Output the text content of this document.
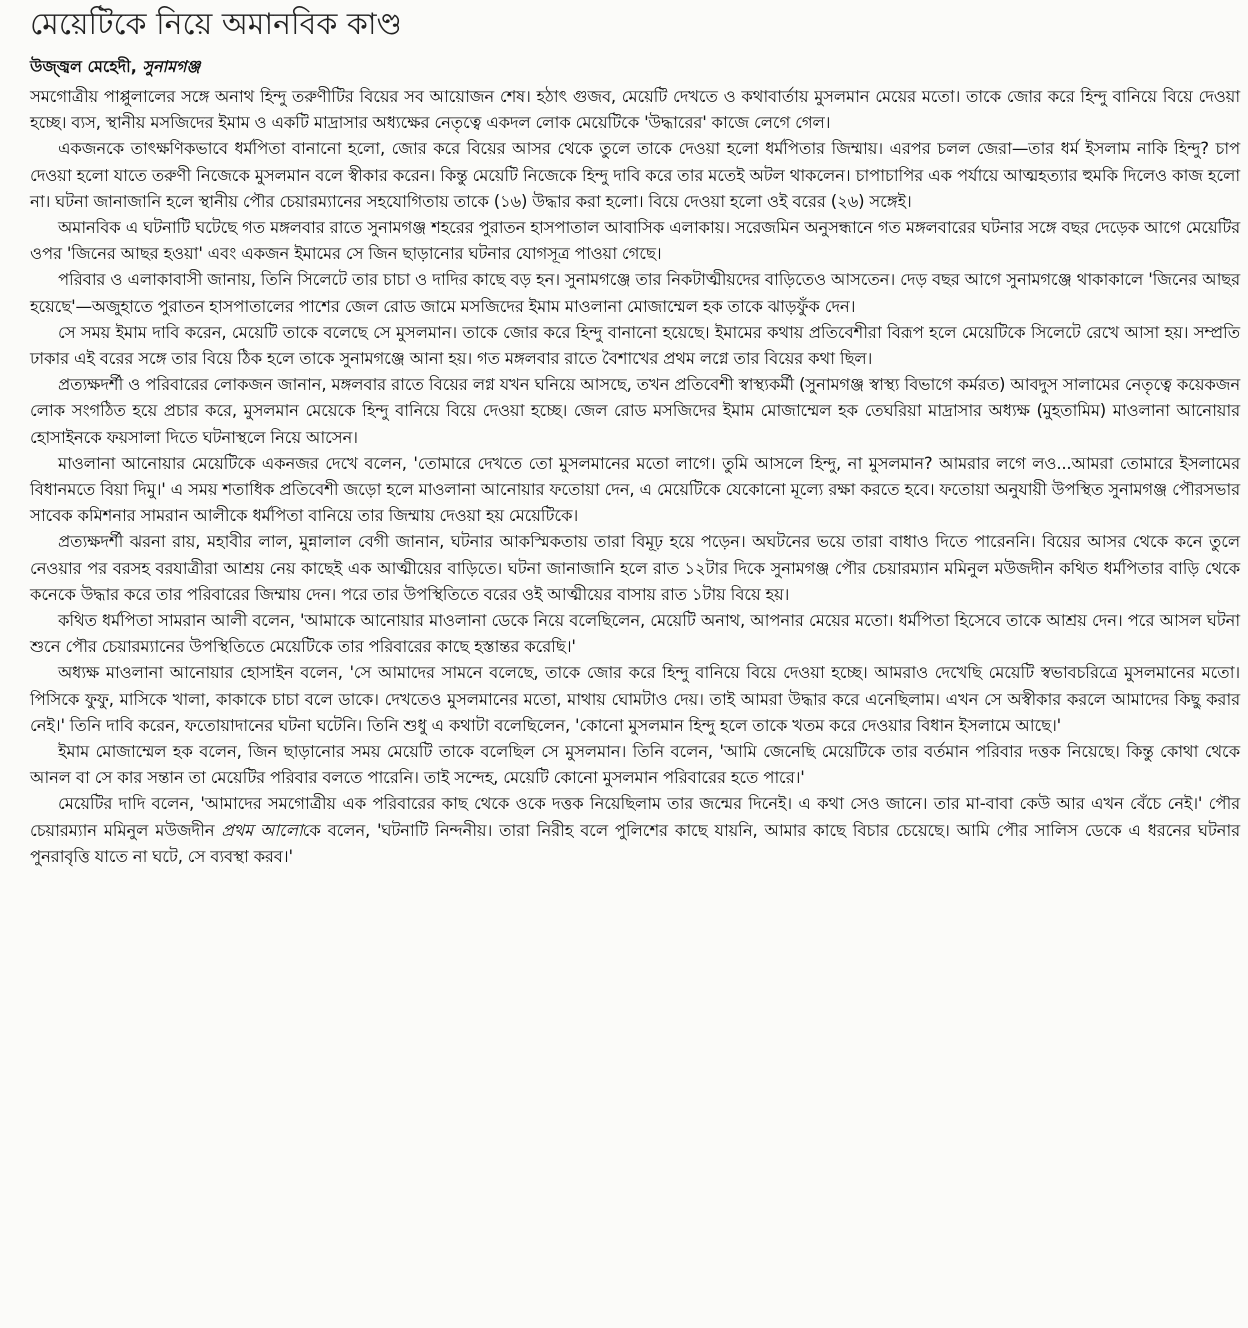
মেয়েটিকে নিয়ে অমানবিক কাণ্ড
উজ্জ্বল মেহেদী, সুনামগঞ্জ

সমগোত্রীয় পাপ্পুলালের সঙ্গে অনাথ হিন্দু তরুণীটির বিয়ের সব আয়োজন শেষ। হঠাৎ গুজব, মেয়েটি দেখতে ও কথাবার্তায় মুসলমান মেয়ের মতো। তাকে জোর করে হিন্দু বানিয়ে বিয়ে দেওয়া হচ্ছে। ব্যস, স্থানীয় মসজিদের ইমাম ও একটি মাদ্রাসার অধ্যক্ষের নেতৃত্বে একদল লোক মেয়েটিকে 'উদ্ধারের' কাজে লেগে গেল।

একজনকে তাৎক্ষণিকভাবে ধর্মপিতা বানানো হলো, জোর করে বিয়ের আসর থেকে তুলে তাকে দেওয়া হলো ধর্মপিতার জিম্মায়। এরপর চলল জেরা—তার ধর্ম ইসলাম নাকি হিন্দু? চাপ দেওয়া হলো যাতে তরুণী নিজেকে মুসলমান বলে স্বীকার করেন। কিন্তু মেয়েটি নিজেকে হিন্দু দাবি করে তার মতেই অটল থাকলেন। চাপাচাপির এক পর্যায়ে আত্মহত্যার হুমকি দিলেও কাজ হলো না। ঘটনা জানাজানি হলে স্থানীয় পৌর চেয়ারম্যানের সহযোগিতায় তাকে (১৬) উদ্ধার করা হলো। বিয়ে দেওয়া হলো ওই বরের (২৬) সঙ্গেই।

অমানবিক এ ঘটনাটি ঘটেছে গত মঙ্গলবার রাতে সুনামগঞ্জ শহরের পুরাতন হাসপাতাল আবাসিক এলাকায়। সরেজমিন অনুসন্ধানে গত মঙ্গলবারের ঘটনার সঙ্গে বছর দেড়েক আগে মেয়েটির ওপর 'জিনের আছর হওয়া' এবং একজন ইমামের সে জিন ছাড়ানোর ঘটনার যোগসূত্র পাওয়া গেছে।

পরিবার ও এলাকাবাসী জানায়, তিনি সিলেটে তার চাচা ও দাদির কাছে বড় হন। সুনামগঞ্জে তার নিকটাত্মীয়দের বাড়িতেও আসতেন। দেড় বছর আগে সুনামগঞ্জে থাকাকালে 'জিনের আছর হয়েছে'—অজুহাতে পুরাতন হাসপাতালের পাশের জেল রোড জামে মসজিদের ইমাম মাওলানা মোজাম্মেল হক তাকে ঝাড়ফুঁক দেন।

সে সময় ইমাম দাবি করেন, মেয়েটি তাকে বলেছে সে মুসলমান। তাকে জোর করে হিন্দু বানানো হয়েছে। ইমামের কথায় প্রতিবেশীরা বিরূপ হলে মেয়েটিকে সিলেটে রেখে আসা হয়। সম্প্রতি ঢাকার এই বরের সঙ্গে তার বিয়ে ঠিক হলে তাকে সুনামগঞ্জে আনা হয়। গত মঙ্গলবার রাতে বৈশাখের প্রথম লগ্নে তার বিয়ের কথা ছিল।

প্রত্যক্ষদর্শী ও পরিবারের লোকজন জানান, মঙ্গলবার রাতে বিয়ের লগ্ন যখন ঘনিয়ে আসছে, তখন প্রতিবেশী স্বাস্থ্যকর্মী (সুনামগঞ্জ স্বাস্থ্য বিভাগে কর্মরত) আবদুস সালামের নেতৃত্বে কয়েকজন লোক সংগঠিত হয়ে প্রচার করে, মুসলমান মেয়েকে হিন্দু বানিয়ে বিয়ে দেওয়া হচ্ছে। জেল রোড মসজিদের ইমাম মোজাম্মেল হক তেঘরিয়া মাদ্রাসার অধ্যক্ষ (মুহতামিম) মাওলানা আনোয়ার হোসাইনকে ফয়সালা দিতে ঘটনাস্থলে নিয়ে আসেন।

মাওলানা আনোয়ার মেয়েটিকে একনজর দেখে বলেন, 'তোমারে দেখতে তো মুসলমানের মতো লাগে। তুমি আসলে হিন্দু, না মুসলমান? আমরার লগে লও...আমরা তোমারে ইসলামের বিধানমতে বিয়া দিমু।' এ সময় শতাধিক প্রতিবেশী জড়ো হলে মাওলানা আনোয়ার ফতোয়া দেন, এ মেয়েটিকে যেকোনো মূল্যে রক্ষা করতে হবে। ফতোয়া অনুযায়ী উপস্থিত সুনামগঞ্জ পৌরসভার সাবেক কমিশনার সামরান আলীকে ধর্মপিতা বানিয়ে তার জিম্মায় দেওয়া হয় মেয়েটিকে।

প্রত্যক্ষদর্শী ঝরনা রায়, মহাবীর লাল, মুন্নালাল বেগী জানান, ঘটনার আকস্মিকতায় তারা বিমূঢ় হয়ে পড়েন। অঘটনের ভয়ে তারা বাধাও দিতে পারেননি। বিয়ের আসর থেকে কনে তুলে নেওয়ার পর বরসহ বরযাত্রীরা আশ্রয় নেয় কাছেই এক আত্মীয়ের বাড়িতে। ঘটনা জানাজানি হলে রাত ১২টার দিকে সুনামগঞ্জ পৌর চেয়ারম্যান মমিনুল মউজদীন কথিত ধর্মপিতার বাড়ি থেকে কনেকে উদ্ধার করে তার পরিবারের জিম্মায় দেন। পরে তার উপস্থিতিতে বরের ওই আত্মীয়ের বাসায় রাত ১টায় বিয়ে হয়।

কথিত ধর্মপিতা সামরান আলী বলেন, 'আমাকে আনোয়ার মাওলানা ডেকে নিয়ে বলেছিলেন, মেয়েটি অনাথ, আপনার মেয়ের মতো। ধর্মপিতা হিসেবে তাকে আশ্রয় দেন। পরে আসল ঘটনা শুনে পৌর চেয়ারম্যানের উপস্থিতিতে মেয়েটিকে তার পরিবারের কাছে হস্তান্তর করেছি।'

অধ্যক্ষ মাওলানা আনোয়ার হোসাইন বলেন, 'সে আমাদের সামনে বলেছে, তাকে জোর করে হিন্দু বানিয়ে বিয়ে দেওয়া হচ্ছে। আমরাও দেখেছি মেয়েটি স্বভাবচরিত্রে মুসলমানের মতো। পিসিকে ফুফু, মাসিকে খালা, কাকাকে চাচা বলে ডাকে। দেখতেও মুসলমানের মতো, মাথায় ঘোমটাও দেয়। তাই আমরা উদ্ধার করে এনেছিলাম। এখন সে অস্বীকার করলে আমাদের কিছু করার নেই।' তিনি দাবি করেন, ফতোয়াদানের ঘটনা ঘটেনি। তিনি শুধু এ কথাটা বলেছিলেন, 'কোনো মুসলমান হিন্দু হলে তাকে খতম করে দেওয়ার বিধান ইসলামে আছে।'

ইমাম মোজাম্মেল হক বলেন, জিন ছাড়ানোর সময় মেয়েটি তাকে বলেছিল সে মুসলমান। তিনি বলেন, 'আমি জেনেছি মেয়েটিকে তার বর্তমান পরিবার দত্তক নিয়েছে। কিন্তু কোথা থেকে আনল বা সে কার সন্তান তা মেয়েটির পরিবার বলতে পারেনি। তাই সন্দেহ, মেয়েটি কোনো মুসলমান পরিবারের হতে পারে।'

মেয়েটির দাদি বলেন, 'আমাদের সমগোত্রীয় এক পরিবারের কাছ থেকে ওকে দত্তক নিয়েছিলাম তার জন্মের দিনেই। এ কথা সেও জানে। তার মা-বাবা কেউ আর এখন বেঁচে নেই।' পৌর চেয়ারম্যান মমিনুল মউজদীন প্রথম আলোকে বলেন, 'ঘটনাটি নিন্দনীয়। তারা নিরীহ বলে পুলিশের কাছে যায়নি, আমার কাছে বিচার চেয়েছে। আমি পৌর সালিস ডেকে এ ধরনের ঘটনার পুনরাবৃত্তি যাতে না ঘটে, সে ব্যবস্থা করব।'
